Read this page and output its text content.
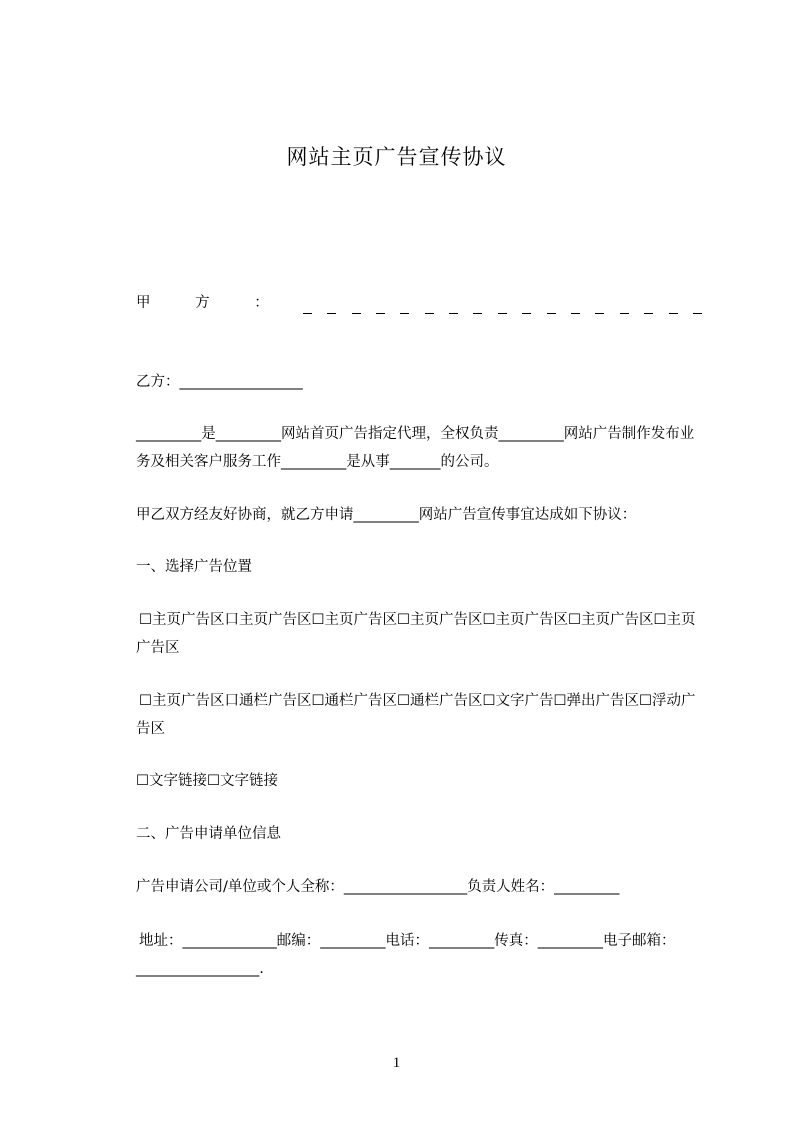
网站主页广告宣传协议
甲 方 ：
乙方：_________________
_________是_________网站首页广告指定代理，全权负责_________网站广告制作发布业务及相关客户服务工作_________是从事_______的公司。
甲乙双方经友好协商，就乙方申请_________网站广告宣传事宜达成如下协议：
一、选择广告位置
☐主页广告区口主页广告区☐主页广告区☐主页广告区☐主页广告区☐主页广告区☐主页广告区
☐主页广告区口通栏广告区☐通栏广告区☐通栏广告区☐文字广告☐弹出广告区☐浮动广告区
☐文字链接☐文字链接
二、广告申请单位信息
广告申请公司/单位或个人全称：_________________负责人姓名：_________
地址：_____________邮编：_________电话：_________传真：_________电子邮箱：_________________.
1
